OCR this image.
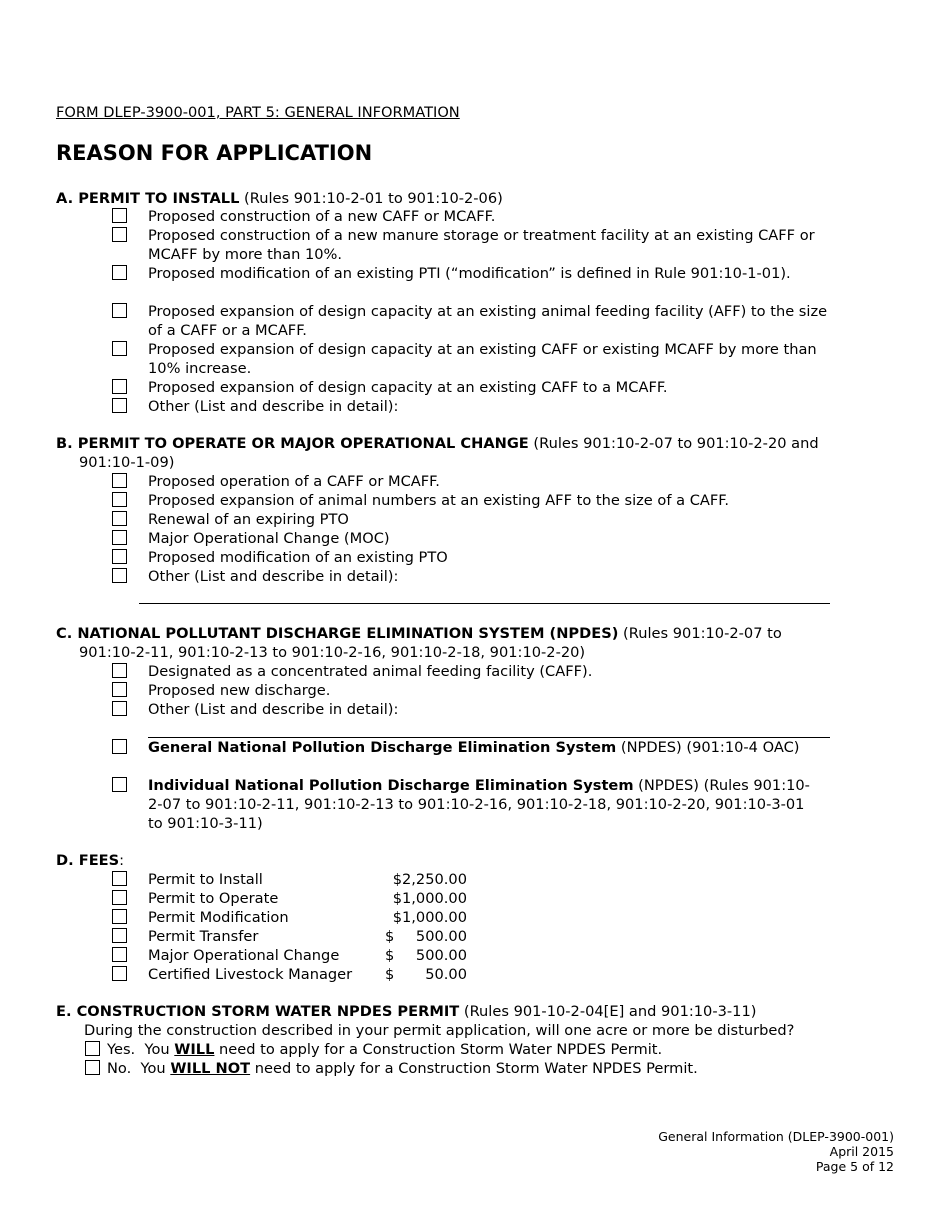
FORM DLEP-3900-001, PART 5: GENERAL INFORMATION
REASON FOR APPLICATION
A. PERMIT TO INSTALL (Rules 901:10-2-01 to 901:10-2-06)
Proposed construction of a new CAFF or MCAFF.
Proposed construction of a new manure storage or treatment facility at an existing CAFF or MCAFF by more than 10%.
Proposed modification of an existing PTI (“modification” is defined in Rule 901:10-1-01).
Proposed expansion of design capacity at an existing animal feeding facility (AFF) to the size of a CAFF or a MCAFF.
Proposed expansion of design capacity at an existing CAFF or existing MCAFF by more than 10% increase.
Proposed expansion of design capacity at an existing CAFF to a MCAFF.
Other (List and describe in detail):
B. PERMIT TO OPERATE OR MAJOR OPERATIONAL CHANGE (Rules 901:10-2-07 to 901:10-2-20 and
901:10-1-09)
Proposed operation of a CAFF or MCAFF.
Proposed expansion of animal numbers at an existing AFF to the size of a CAFF.
Renewal of an expiring PTO
Major Operational Change (MOC)
Proposed modification of an existing PTO
Other (List and describe in detail):
C. NATIONAL POLLUTANT DISCHARGE ELIMINATION SYSTEM (NPDES) (Rules 901:10-2-07 to
901:10-2-11, 901:10-2-13 to 901:10-2-16, 901:10-2-18, 901:10-2-20)
Designated as a concentrated animal feeding facility (CAFF).
Proposed new discharge.
Other (List and describe in detail):
General National Pollution Discharge Elimination System (NPDES) (901:10-4 OAC)
Individual National Pollution Discharge Elimination System (NPDES) (Rules 901:10-2-07 to 901:10-2-11, 901:10-2-13 to 901:10-2-16, 901:10-2-18, 901:10-2-20, 901:10-3-01 to 901:10-3-11)
D. FEES:
Permit to Install	$2,250.00
Permit to Operate	$1,000.00
Permit Modification	$1,000.00
Permit Transfer	$ 500.00
Major Operational Change	$ 500.00
Certified Livestock Manager $ 50.00
E. CONSTRUCTION STORM WATER NPDES PERMIT (Rules 901-10-2-04[E] and 901:10-3-11)
During the construction described in your permit application, will one acre or more be disturbed?
Yes.  You WILL need to apply for a Construction Storm Water NPDES Permit.
No.  You WILL NOT need to apply for a Construction Storm Water NPDES Permit.
General Information (DLEP-3900-001)
April 2015
Page 5 of 12
